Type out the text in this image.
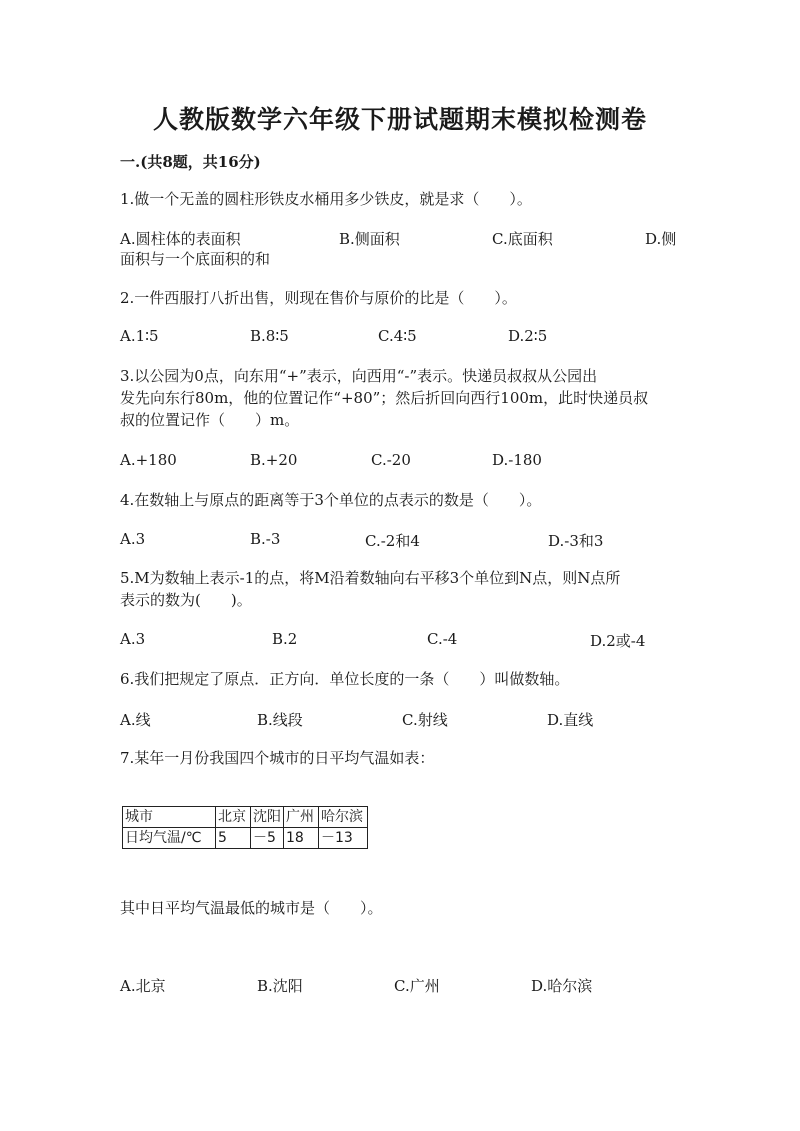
人教版数学六年级下册试题期末模拟检测卷
一.(共8题，共16分)
1.做一个无盖的圆柱形铁皮水桶用多少铁皮，就是求（　　）。
A.圆柱体的表面积	B.侧面积	C.底面积	D.侧
面积与一个底面积的和
2.一件西服打八折出售，则现在售价与原价的比是（　　）。
A.1∶5	B.8∶5	C.4∶5	D.2∶5
3.以公园为0点，向东用“+”表示，向西用“-”表示。快递员叔叔从公园出
发先向东行80m，他的位置记作“+80”；然后折回向西行100m，此时快递员叔
叔的位置记作（　　）m。
A.+180	B.+20	C.-20	D.-180
4.在数轴上与原点的距离等于3个单位的点表示的数是（　　）。
A.3	B.-3	C.-2和4	D.-3和3
5.M为数轴上表示-1的点，将M沿着数轴向右平移3个单位到N点，则N点所
表示的数为(　　)。
A.3	B.2	C.-4	D.2或-4
6.我们把规定了原点．正方向．单位长度的一条（　　）叫做数轴。
A.线	B.线段	C.射线	D.直线
7.某年一月份我国四个城市的日平均气温如表：
城市	北京	沈阳	广州	哈尔滨
日均气温/℃	5	－5	18	－13
其中日平均气温最低的城市是（　　）。
A.北京	B.沈阳	C.广州	D.哈尔滨
